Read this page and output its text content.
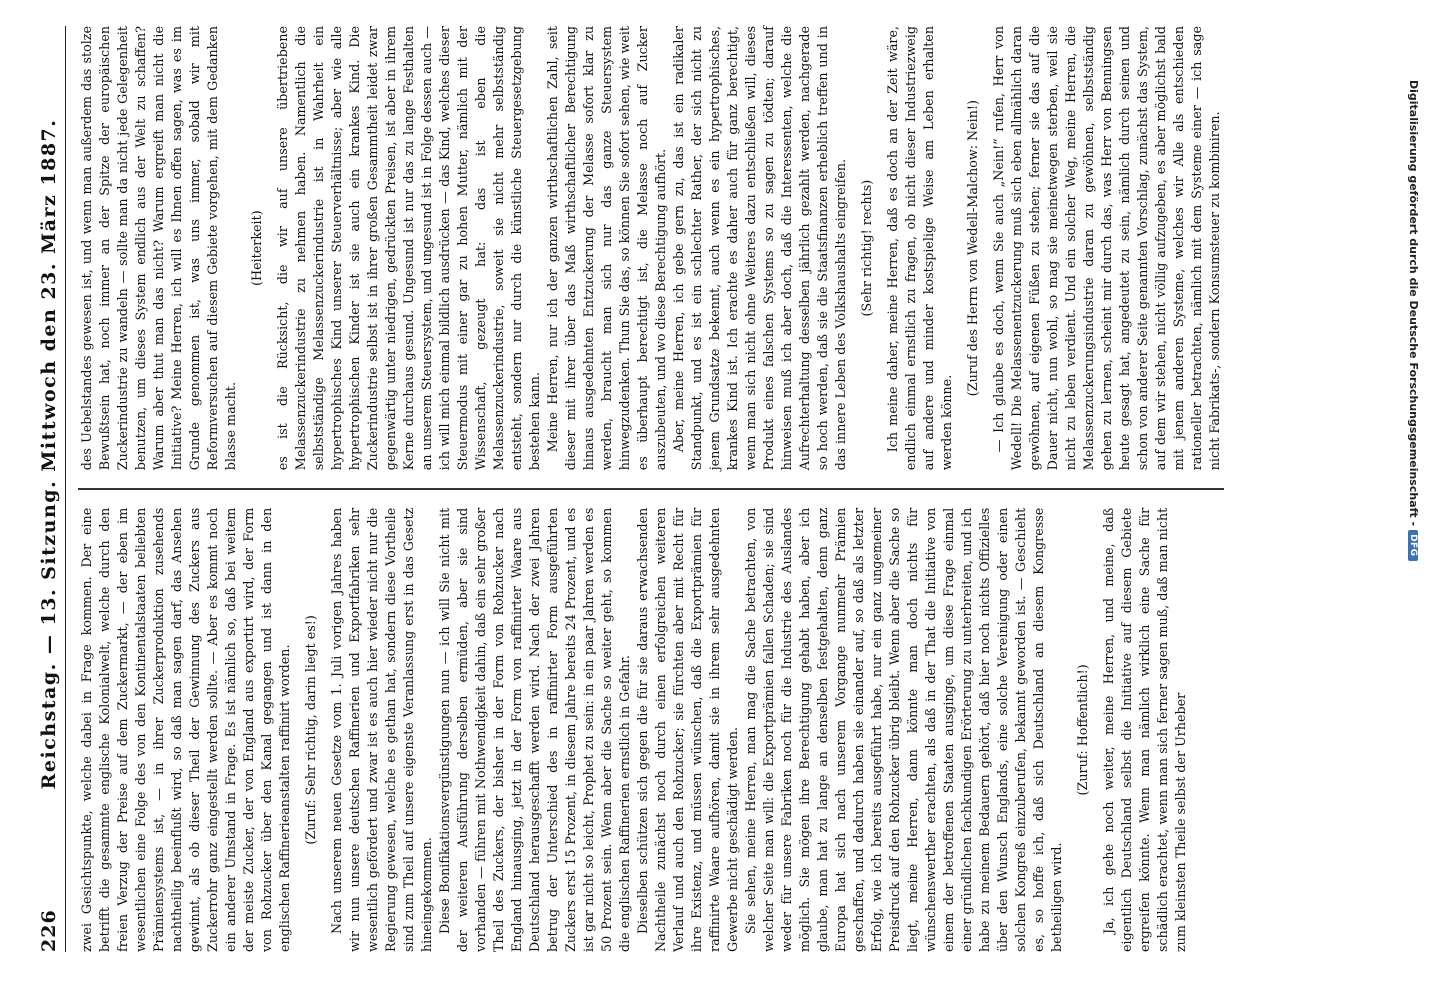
226
Reichstag. — 13. Sitzung. Mittwoch den 23. März 1887. zwei Gesichtspunkte, welche dabei in Frage kommen. Der eine betrifft die gesammte englische Kolonialwelt, welche durch den freien Verzug der Preise auf dem Zuckermarkt, — der eben im wesentlichen eine Folge des von den Kontinentalstaaten beliebten Prämiensystems ist, — in ihrer Zuckerproduktion zusehends nachtheilig beeinflußt wird, so daß man sagen darf, das Ansehen gewinnt, als ob dieser Theil der Gewinnung des Zuckers aus Zuckerrohr ganz eingestellt werden sollte. — Aber es kommt noch ein anderer Umstand in Frage. Es ist nämlich so, daß bei weitem der meiste Zucker, der von England aus exportirt wird, der Form von Rohzucker über den Kanal gegangen und ist dann in den englischen Raffinerieanstalten raffinirt worden. (Zuruf: Sehr richtig, darin liegt es!) Nach unserem neuen Gesetze vom 1. Juli vorigen Jahres haben wir nun unsere deutschen Raffinerien und Exportfabriken sehr wesentlich gefördert und zwar ist es auch hier wieder nicht nur die Regierung gewesen, welche es gethan hat, sondern diese Vortheile sind zum Theil auf unsere eigenste Veranlassung erst in das Gesetz hineingekommen. Diese Bonifikationsvergünstigungen nun — ich will Sie nicht mit der weiteren Ausführung derselben ermüden, aber sie sind vorhanden — führen mit Nothwendigkeit dahin, daß ein sehr großer Theil des Zuckers, der bisher in der Form von Rohzucker nach England hinausging, jetzt in der Form von raffinirter Waare aus Deutschland herausgeschafft werden wird. Nach der zwei Jahren betrug der Unterschied des in raffinirter Form ausgeführten Zuckers erst 15 Prozent, in diesem Jahre bereits 24 Prozent, und es ist gar nicht so leicht, Prophet zu sein: in ein paar Jahren werden es 50 Prozent sein. Wenn aber die Sache so weiter geht, so kommen die englischen Raffinerien ernstlich in Gefahr. Dieselben schützen sich gegen die für sie daraus erwachsenden Nachtheile zunächst noch durch einen erfolgreichen weiteren Verlauf und auch den Rohzucker; sie fürchten aber mit Recht für ihre Existenz, und müssen wünschen, daß die Exportprämien für raffinirte Waare aufhören, damit sie in ihrem sehr ausgedehnten Gewerbe nicht geschädigt werden. Sie sehen, meine Herren, man mag die Sache betrachten, von welcher Seite man will: die Exportprämien fallen Schaden; sie sind weder für unsere Fabriken noch für die Industrie des Auslandes möglich. Sie mögen ihre Berechtigung gehabt haben, aber ich glaube, man hat zu lange an denselben festgehalten, denn ganz Europa hat sich nach unserem Vorgange nunmehr Prämien geschaffen, und dadurch haben sie einander auf, so daß als letzter Erfolg, wie ich bereits ausgeführt habe, nur ein ganz ungemeiner Preisdruck auf den Rohzucker übrig bleibt. Wenn aber die Sache so liegt, meine Herren, dann könnte man doch nichts für wünschenswerther erachten, als daß in der That die Initiative von einem der betroffenen Staaten ausginge, um diese Frage einmal einer gründlichen fachkundigen Erörterung zu unterbreiten, und ich habe zu meinem Bedauern gehört, daß hier noch nichts Offizielles über den Wunsch Englands, eine solche Vereinigung oder einen solchen Kongreß einzuberufen, bekannt geworden ist. — Geschieht es, so hoffe ich, daß sich Deutschland an diesem Kongresse betheiligen wird.

(Zuruf: Hoffentlich!) Ja, ich gehe noch weiter, meine Herren, und meine, daß eigentlich Deutschland selbst die Initiative auf diesem Gebiete ergreifen könnte. Wenn man nämlich wirklich eine Sache für schädlich erachtet, wenn man sich ferner sagen muß, daß man nicht zum kleinsten Theile selbst der Urheber

des Uebelstandes gewesen ist, und wenn man außerdem das stolze Bewußtsein hat, noch immer an der Spitze der europäischen Zuckerindustrie zu wandeln — sollte man da nicht jede Gelegenheit benutzen, um dieses System endlich aus der Welt zu schaffen? Warum aber thut man das nicht? Warum ergreift man nicht die Initiative? Meine Herren, ich will es Ihnen offen sagen, was es im Grunde genommen ist, was uns immer, sobald wir mit Reformversuchen auf diesem Gebiete vorgehen, mit dem Gedanken blasse macht.

(Heiterkeit) es ist die Rücksicht, die wir auf unsere übertriebene Melassenzuckerindustrie zu nehmen haben. Namentlich die selbstständige Melassenzuckerindustrie ist in Wahrheit ein hypertrophisches Kind unserer Steuerverhältnisse; aber wie alle hypertrophischen Kinder ist sie auch ein krankes Kind. Die Zuckerindustrie selbst ist in ihrer großen Gesammtheit leidet zwar gegenwärtig unter niedrigen, gedrückten Preisen, ist aber in ihrem Kerne durchaus gesund. Ungesund ist nur das zu lange Festhalten an unserem Steuersystem, und ungesund ist in Folge dessen auch — ich will mich einmal bildlich ausdrücken — das Kind, welches dieser Steuermodus mit einer gar zu hohen Mutter, nämlich mit der Wissenschaft, gezeugt hat: das ist eben die Melassenzuckerindustrie, soweit sie nicht mehr selbstständig entsteht, sondern nur durch die künstliche Steuergesetzgebung bestehen kann. Meine Herren, nur ich der ganzen wirthschaftlichen Zahl, seit dieser mit ihrer über das Maß wirthschaftlicher Berechtigung hinaus ausgedehnten Entzuckerung der Melasse sofort klar zu werden, braucht man sich nur das ganze Steuersystem hinwegzudenken. Thun Sie das, so können Sie sofort sehen, wie weit es überhaupt berechtigt ist, die Melasse noch auf Zucker auszubeuten, und wo diese Berechtigung aufhört. Aber, meine Herren, ich gebe gern zu, das ist ein radikaler Standpunkt, und es ist ein schlechter Rather, der sich nicht zu jenem Grundsatze bekennt, auch wenn es ein hypertrophisches, krankes Kind ist. Ich erachte es daher auch für ganz berechtigt, wenn man sich nicht ohne Weiteres dazu entschließen will, dieses Produkt eines falschen Systems so zu sagen zu tödten; darauf hinweisen muß ich aber doch, daß die Interessenten, welche die Aufrechterhaltung desselben jährlich gezahlt werden, nachgerade so hoch werden, daß sie die Staatsfinanzen erheblich treffen und in das innere Leben des Volkshaushalts eingreifen. (Sehr richtig! rechts) Ich meine daher, meine Herren, daß es doch an der Zeit wäre, endlich einmal ernstlich zu fragen, ob nicht dieser Industriezweig auf andere und minder kostspielige Weise am Leben erhalten werden könne.

(Zuruf des Herrn von Wedell-Malchow: Nein!) — Ich glaube es doch, wenn Sie auch „Nein!“ rufen, Herr von Wedell! Die Melassenentzuckerung muß sich eben allmählich daran gewöhnen, auf eigenen Füßen zu stehen; ferner sie das auf die Dauer nicht, nun wohl, so mag sie meinetwegen sterben, weil sie nicht zu leben verdient. Und ein solcher Weg, meine Herren, die Melassenzuckerungsindustrie daran zu gewöhnen, selbstständig gehen zu lernen, scheint mir durch das, was Herr von Benningsen heute gesagt hat, angedeutet zu sein, nämlich durch seinen und schon von anderer Seite genannten Vorschlag, zunächst das System, auf dem wir stehen, nicht völlig aufzugeben, es aber möglichst bald mit jenem anderen Systeme, welches wir Alle als entschieden rationeller betrachten, nämlich mit dem Systeme einer — ich sage nicht Fabrikats-, sondern Konsumsteuer zu kombiniren.	Digitalisierung gefördert durch die Deutsche Forschungsgemeinschaft -
DFG
